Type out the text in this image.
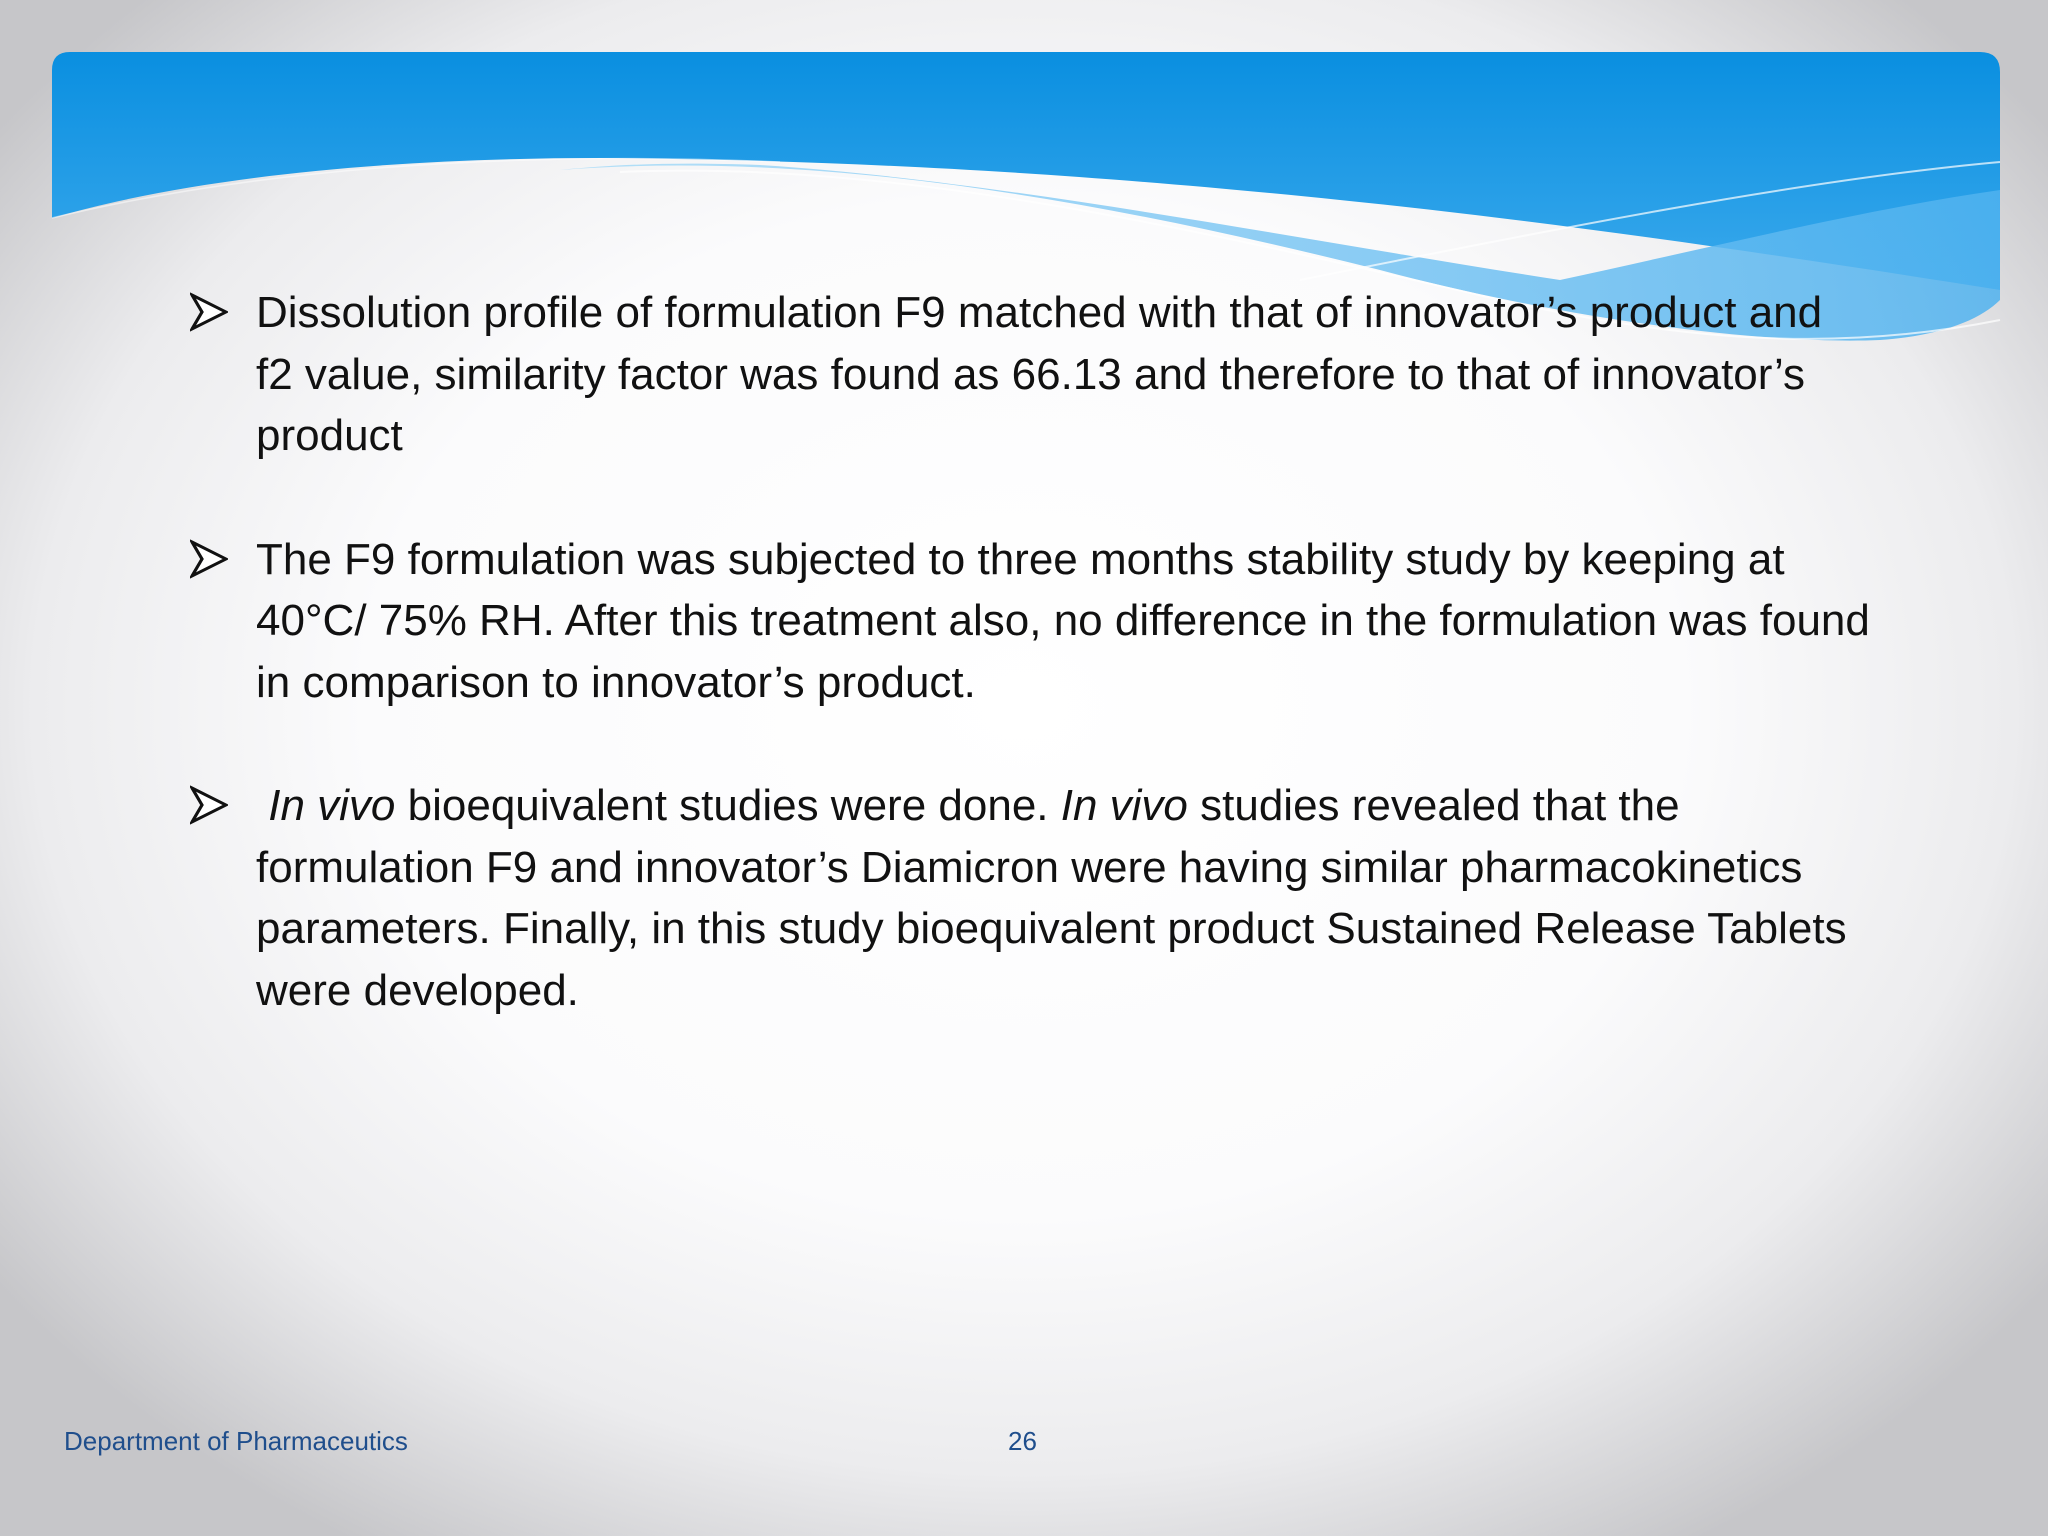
Dissolution profile of formulation F9 matched with that of innovator’s product and f2 value, similarity factor was found as 66.13 and therefore to that of innovator’s product
The F9 formulation was subjected to three months stability study by keeping at 40°C/ 75% RH. After this treatment also, no difference in the formulation was found in comparison to innovator’s product.
In vivo bioequivalent studies were done. In vivo studies revealed that the formulation F9 and innovator’s Diamicron were having similar pharmacokinetics parameters. Finally, in this study bioequivalent product Sustained Release Tablets were developed.
Department of Pharmaceutics	26
